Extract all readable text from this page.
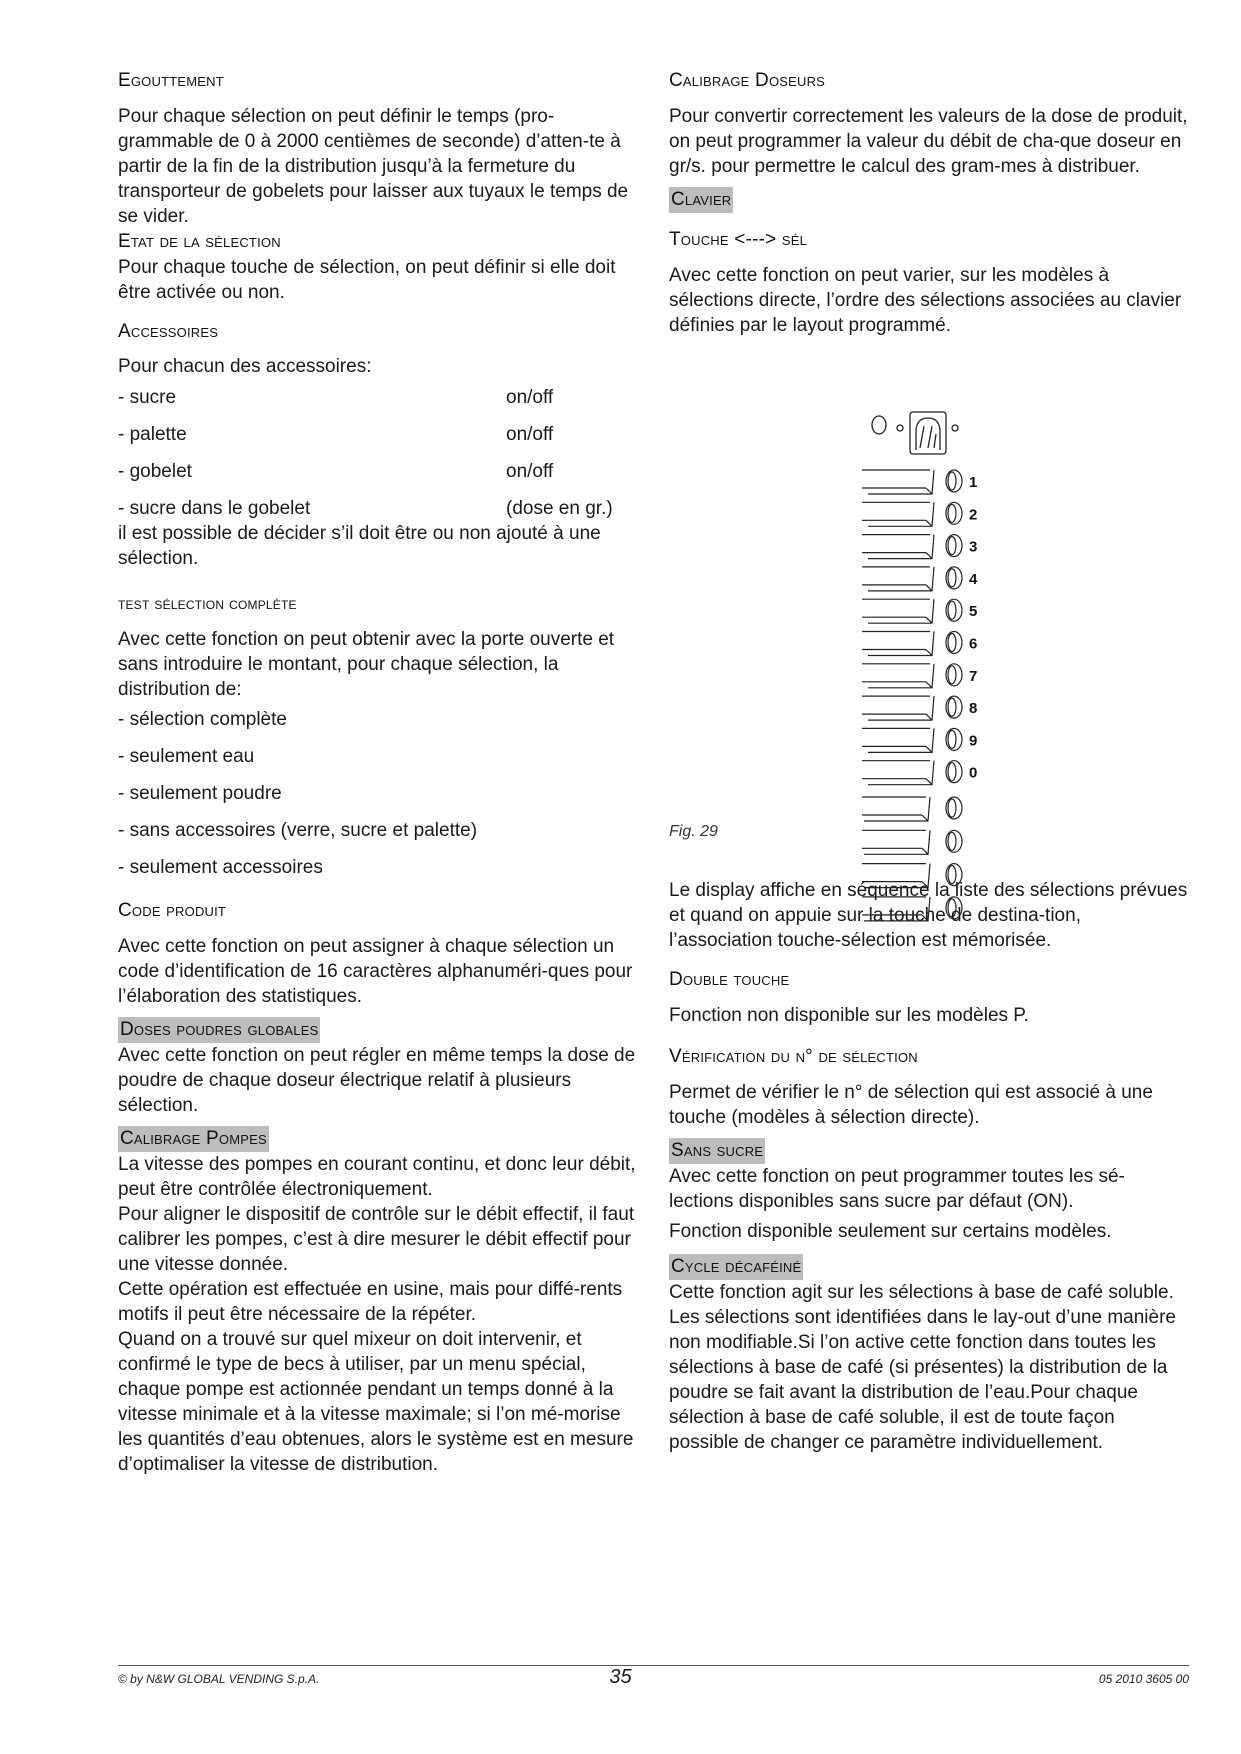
Egouttement

Pour chaque sélection on peut définir le temps (pro-grammable de 0 à 2000 centièmes de seconde) d’atten-te à partir de la fin de la distribution jusqu’à la fermeture du transporteur de gobelets pour laisser aux tuyaux le temps de se vider.

Etat de la sélection

Pour chaque touche de sélection, on peut définir si elle doit être activée ou non.

Accessoires

Pour chacun des accessoires:

- sucre	on/off
- palette	on/off
- gobelet	on/off
- sucre dans le gobelet	(dose en gr.)

il est possible de décider s’il doit être ou non ajouté à une sélection.

test sélection complète

Avec cette fonction on peut obtenir avec la porte ouverte et sans introduire le montant, pour chaque sélection, la distribution de:

- sélection complète

- seulement eau

- seulement poudre

- sans accessoires (verre, sucre et palette)

- seulement accessoires

Code produit

Avec cette fonction on peut assigner à chaque sélection un code d’identification de 16 caractères alphanuméri-ques pour l’élaboration des statistiques.

Doses poudres globales

Avec cette fonction on peut régler en même temps la dose de poudre de chaque doseur électrique relatif à plusieurs sélection.

Calibrage Pompes

La vitesse des pompes en courant continu, et donc leur débit, peut être contrôlée électroniquement.

Pour aligner le dispositif de contrôle sur le débit effectif, il faut calibrer les pompes, c’est à dire mesurer le débit effectif pour une vitesse donnée.

Cette opération est effectuée en usine, mais pour diffé-rents motifs il peut être nécessaire de la répéter.

Quand on a trouvé sur quel mixeur on doit intervenir, et confirmé le type de becs à utiliser, par un menu spécial, chaque pompe est actionnée pendant un temps donné à la vitesse minimale et à la vitesse maximale; si l’on mé-morise les quantités d’eau obtenues, alors le système est en mesure d’optimaliser la vitesse de distribution.

Calibrage Doseurs

Pour convertir correctement les valeurs de la dose de produit, on peut programmer la valeur du débit de cha-que doseur en gr/s. pour permettre le calcul des gram-mes à distribuer.

Clavier
Touche <---> sél

Avec cette fonction on peut varier, sur les modèles à sélections directe, l’ordre des sélections associées au clavier définies par le layout programmé.

Le display affiche en séquence la liste des sélections prévues et quand on appuie sur la touche de destina-tion, l’association touche-sélection est mémorisée.

Double touche

Fonction non disponible sur les modèles P.

Vérification du n° de sélection

Permet de vérifier le n° de sélection qui est associé à une touche (modèles à sélection directe).

Sans sucre

Avec cette fonction on peut programmer toutes les sé-lections disponibles sans sucre par défaut (ON).

Fonction disponible seulement sur certains modèles.

Cycle décaféiné

Cette fonction agit sur les sélections à base de café soluble. Les sélections sont identifiées dans le lay-out d’une manière non modifiable.Si l’on active cette fonction dans toutes les sélections à base de café (si présentes) la distribution de la poudre se fait avant la distribution de l’eau.Pour chaque sélection à base de café soluble, il est de toute façon possible de changer ce paramètre individuellement.

1
2
3
4
5
6
7
8
9
0
Fig. 29
© by N&W GLOBAL VENDING S.p.A.	35	05 2010 3605 00
